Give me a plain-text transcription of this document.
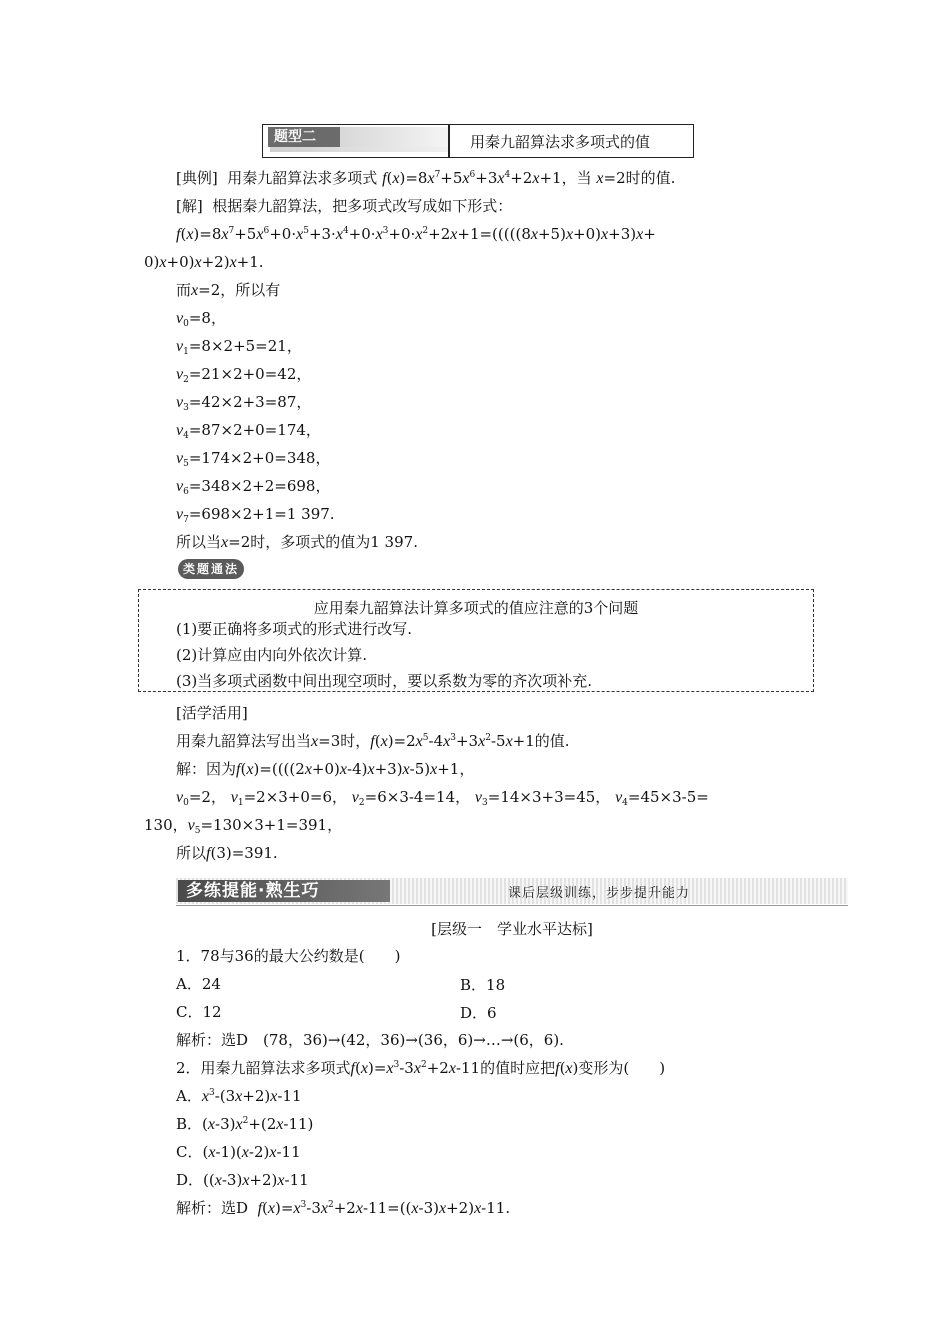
题型二	用秦九韶算法求多项式的值
[典例] 用秦九韶算法求多项式 $f(x)=8x^7+5x^6+3x^4+2x+1$，当 x=2时的值.
[解] 根据秦九韶算法，把多项式改写成如下形式：
$f(x)=8x^7+5x^6+0\cdot x^5+3\cdot x^4+0\cdot x^3+0\cdot x^2+2x+1=(((((8x+5)x+0)x+3)x+$
0)x+0)x+2)x+1.
而x=2，所以有
$v_0=8$，
$v_1=8\times 2+5=21$，
$v_2=21\times 2+0=42$，
$v_3=42\times 2+3=87$，
$v_4=87\times 2+0=174$，
$v_5=174\times 2+0=348$，
$v_6=348\times 2+2=698$，
$v_7=698\times 2+1=1$ 397.
所以当x=2时，多项式的值为1 397.
类题通法
应用秦九韶算法计算多项式的值应注意的3个问题
(1)要正确将多项式的形式进行改写.
(2)计算应由内向外依次计算.
(3)当多项式函数中间出现空项时，要以系数为零的齐次项补充.
[活学活用]
用秦九韶算法写出当x=3时，$f(x)=2x^5-4x^3+3x^2-5x+1$的值.
解：因为f(x)=((((2x+0)x-4)x+3)x-5)x+1，
$v_0=2$， $v_1=2\times 3+0=6$， $v_2=6\times 3-4=14$， $v_3=14\times 3+3=45$， $v_4=45\times 3-5=$
130，$v_5=130\times 3+1=391$，
所以f(3)=391.
多练提能·熟生巧	课后层级训练，步步提升能力
[层级一　学业水平达标]
1．78与36的最大公约数是(　　)
A．24	B．18
C．12	D．6
解析：选D　(78，36)→(42，36)→(36，6)→…→(6，6).
2．用秦九韶算法求多项式$f(x)=x^3-3x^2+2x-11$的值时应把f(x)变形为(　　)
A．$x^3-(3x+2)x-11$
B．$(x-3)x^2+(2x-11)$
C．(x-1)(x-2)x-11
D．((x-3)x+2)x-11
解析：选D $f(x)=x^3-3x^2+2x-11=((x-3)x+2)x-11$.
